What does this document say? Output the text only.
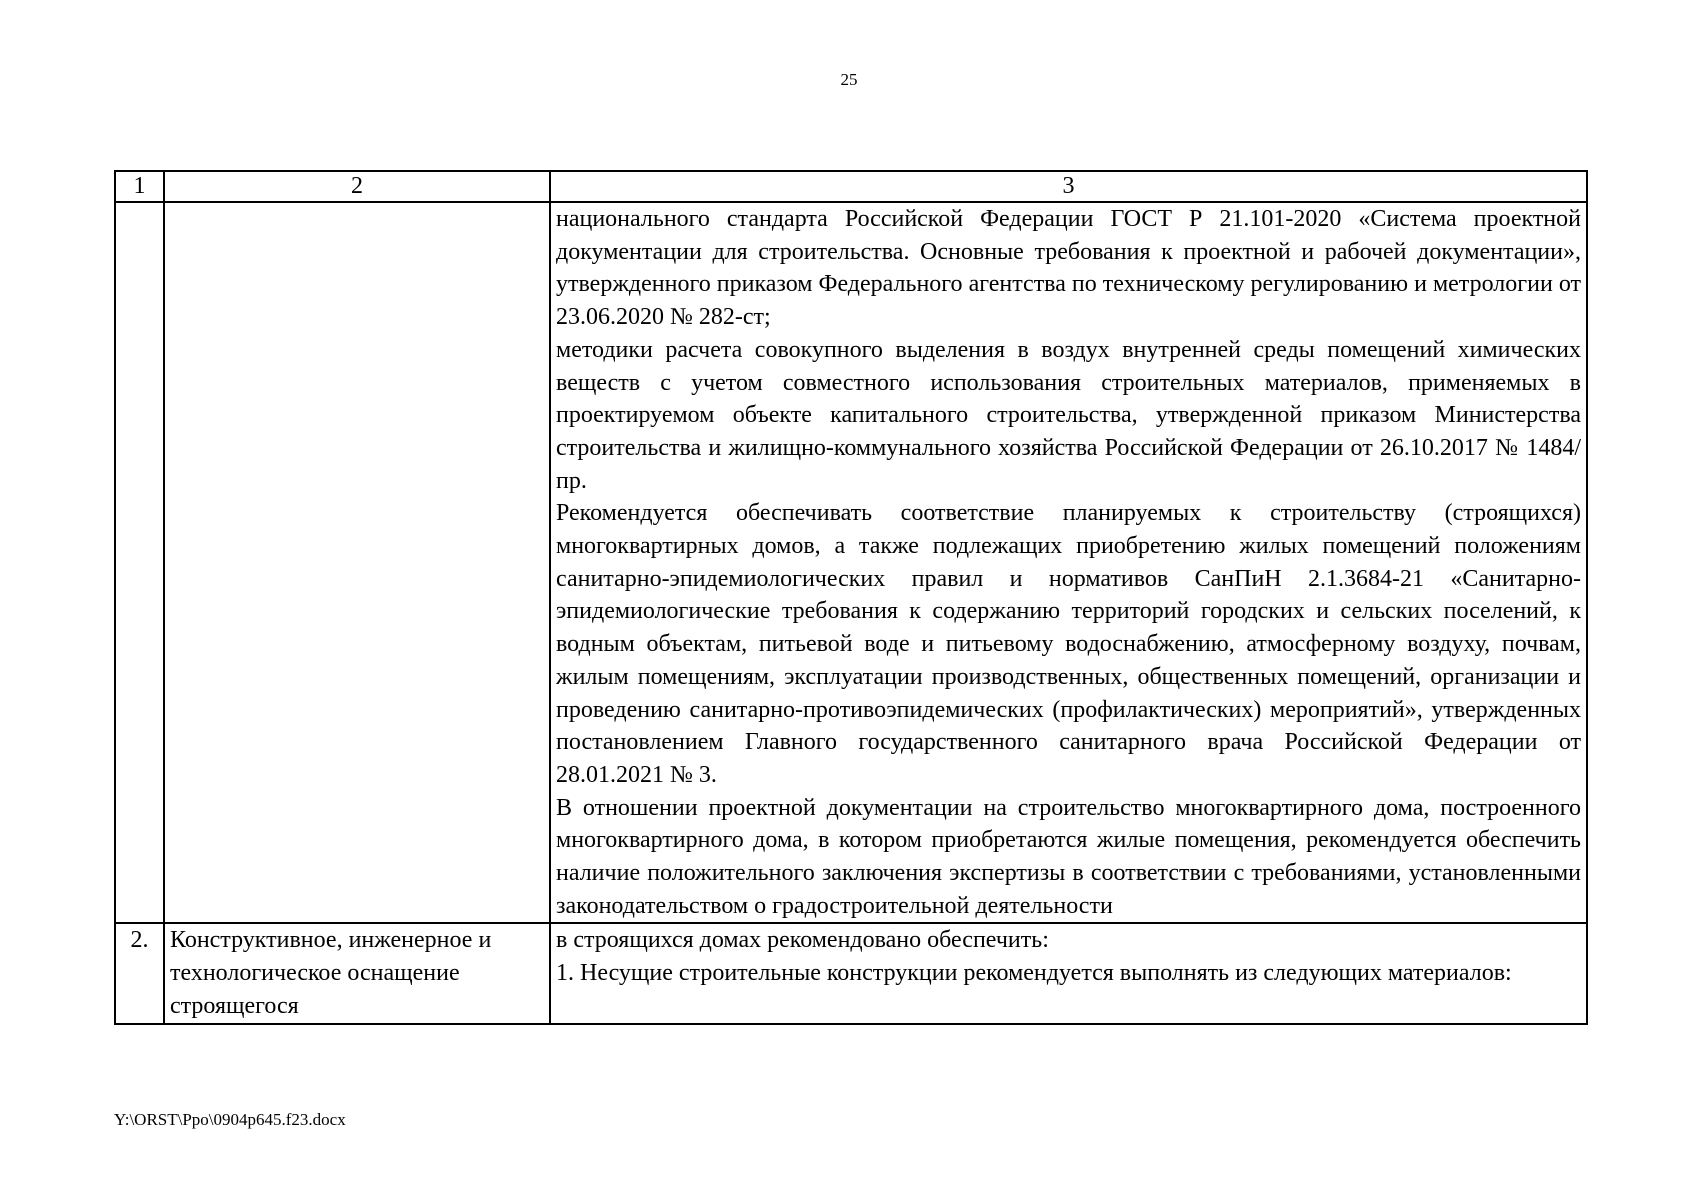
25
1	2	3

		национального стандарта Российской Федерации ГОСТ Р 21.101-2020 «Система проектной документации для строительства. Основные требования к проектной и рабочей документации», утвержденного приказом Федерального агентства по техническому регулированию и метрологии от 23.06.2020 № 282-ст;

методики расчета совокупного выделения в воздух внутренней среды помещений химических веществ с учетом совместного использования строительных материалов, применяемых в проектируемом объекте капитального строительства, утвержденной приказом Министерства строительства и жилищно-коммунального хозяйства Российской Федерации от 26.10.2017 № 1484/пр.

Рекомендуется обеспечивать соответствие планируемых к строительству (строящихся) многоквартирных домов, а также подлежащих приобретению жилых помещений положениям санитарно-эпидемиологических правил и нормативов СанПиН 2.1.3684-21 «Санитарно-эпидемиологические требования к содержанию территорий городских и сельских поселений, к водным объектам, питьевой воде и питьевому водоснабжению, атмосферному воздуху, почвам, жилым помещениям, эксплуатации производственных, общественных помещений, организации и проведению санитарно-противоэпидемических (профилактических) мероприятий», утвержденных постановлением Главного государственного санитарного врача Российской Федерации от 28.01.2021 № 3.

В отношении проектной документации на строительство многоквартирного дома, построенного многоквартирного дома, в котором приобретаются жилые помещения, рекомендуется обеспечить наличие положительного заключения экспертизы в соответствии с требованиями, установленными законодательством о градостроительной деятельности

2.	Конструктивное, инженерное и технологическое оснащение строящегося	в строящихся домах рекомендовано обеспечить:

1. Несущие строительные конструкции рекомендуется выполнять из следующих материалов:

Y:\ORST\Ppo\0904p645.f23.docx
